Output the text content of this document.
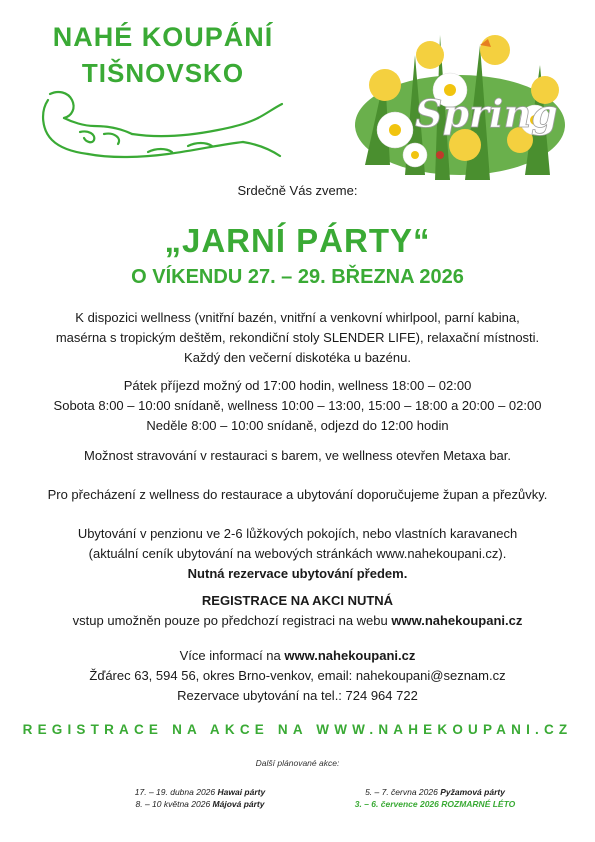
NAHÉ KOUPÁNÍ
TIŠNOVSKO
Spring
Srdečně Vás zveme:
„JARNÍ PÁRTY“
O VÍKENDU 27. – 29. BŘEZNA 2026
K dispozici wellness (vnitřní bazén, vnitřní a venkovní whirlpool, parní kabina,
masérna s tropickým deštěm, rekondiční stoly SLENDER LIFE), relaxační místnosti.
Každý den večerní diskotéka u bazénu.
Pátek příjezd možný od 17:00 hodin, wellness 18:00 – 02:00
Sobota 8:00 – 10:00 snídaně, wellness 10:00 – 13:00, 15:00 – 18:00 a 20:00 – 02:00
Neděle 8:00 – 10:00 snídaně, odjezd do 12:00 hodin
Možnost stravování v restauraci s barem, ve wellness otevřen Metaxa bar.
Pro přecházení z wellness do restaurace a ubytování doporučujeme župan a přezůvky.
Ubytování v penzionu ve 2-6 lůžkových pokojích, nebo vlastních karavanech
(aktuální ceník ubytování na webových stránkách www.nahekoupani.cz).
Nutná rezervace ubytování předem.
REGISTRACE NA AKCI NUTNÁ
vstup umožněn pouze po předchozí registraci na webu www.nahekoupani.cz
Více informací na www.nahekoupani.cz
Žďárec 63, 594 56, okres Brno-venkov, email: nahekoupani@seznam.cz
Rezervace ubytování na tel.: 724 964 722
REGISTRACE NA AKCE NA WWW.NAHEKOUPANI.CZ
Další plánované akce:
17. – 19. dubna 2026 Hawai párty
8. – 10 května 2026 Májová párty
5. – 7. června 2026 Pyžamová párty
3. – 6. července 2026 ROZMARNÉ LÉTO
